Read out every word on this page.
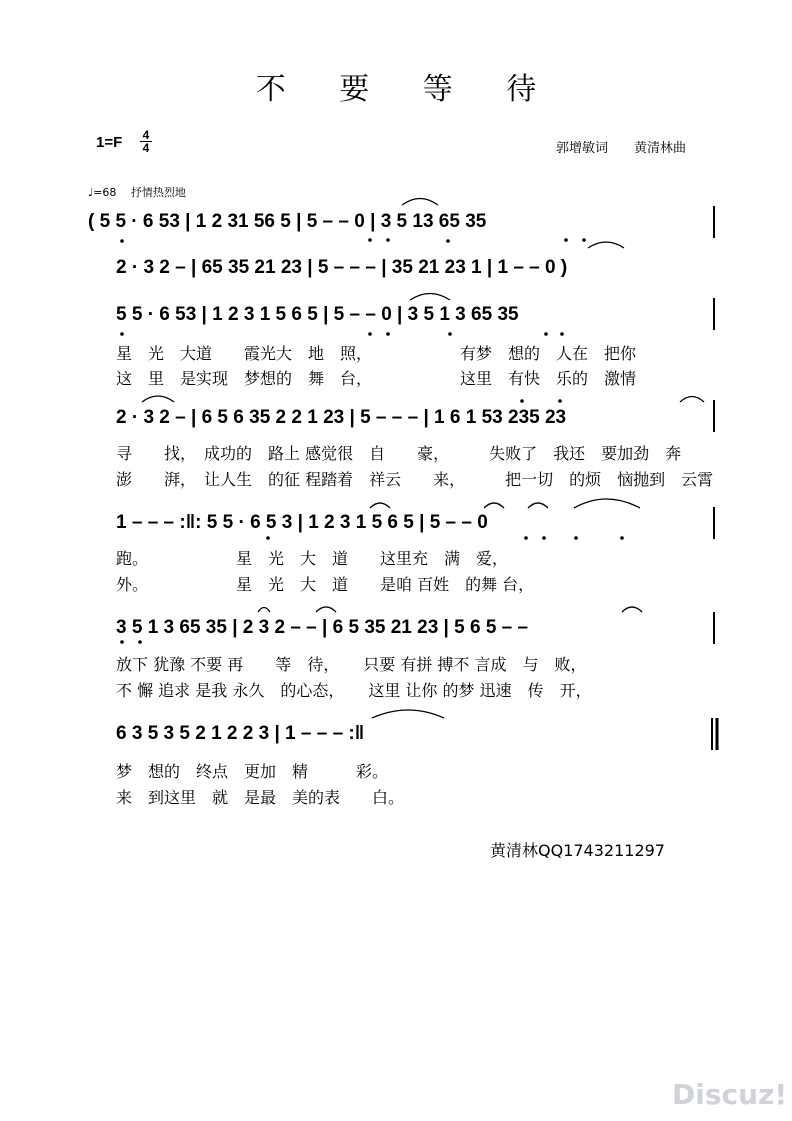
不 要 等 待
1=F 4
4	郭增敏词　　黄清林曲
♩=68　 抒情热烈地
( 5 5 · 6 53 | 1 2 31 56 5 | 5 – – 0 | 3 5 13 65 35
2 · 3 2 – | 65 35 21 23 | 5 – – – | 35 21 23 1 | 1 – – 0 )
5 5 · 6 53 | 1 2 3 1 5 6 5 | 5 – – 0 | 3 5 1 3 65 35
2 · 3 2 – | 6 5 6 35 2 2 1 23 | 5 – – – | 1 6 1 53 235 23
1 – – – :‖: 5 5 · 6 5 3 | 1 2 3 1 5 6 5 | 5 – – 0
3 5 1 3 65 35 | 2 3 2 – – | 6 5 35 21 23 | 5 6 5 – –
6 3 5 3 5 2 1 2 2 3 | 1 – – – :‖
星　光　大道　　霞光大　地　照，　　　　　　有梦　想的　人在　把你
这　里　是实现　梦想的　舞　台，　　　　　　这里　有快　乐的　激情
寻　　找，　成功的　路上 感觉很　自　　豪，　　　失败了　我还　要加劲　奔
澎　　湃，　让人生　的征 程踏着　祥云　　来，　　　把一切　的烦　恼抛到　云霄
跑。　　　　　　星　光　大　道　　这里充　满　爱，
外。　　　　　　星　光　大　道　　是咱 百姓　的舞 台，
放下 犹豫 不要 再　　等　待，　　只要 有拼 搏不 言成　与　败，
不 懈 追求 是我 永久　的心态，　　这里 让你 的梦 迅速　传　开，
梦　想的　终点　更加　精　　　彩。
来　到这里　就　是最　美的表　　白。
黄清林QQ1743211297
Discuz!
